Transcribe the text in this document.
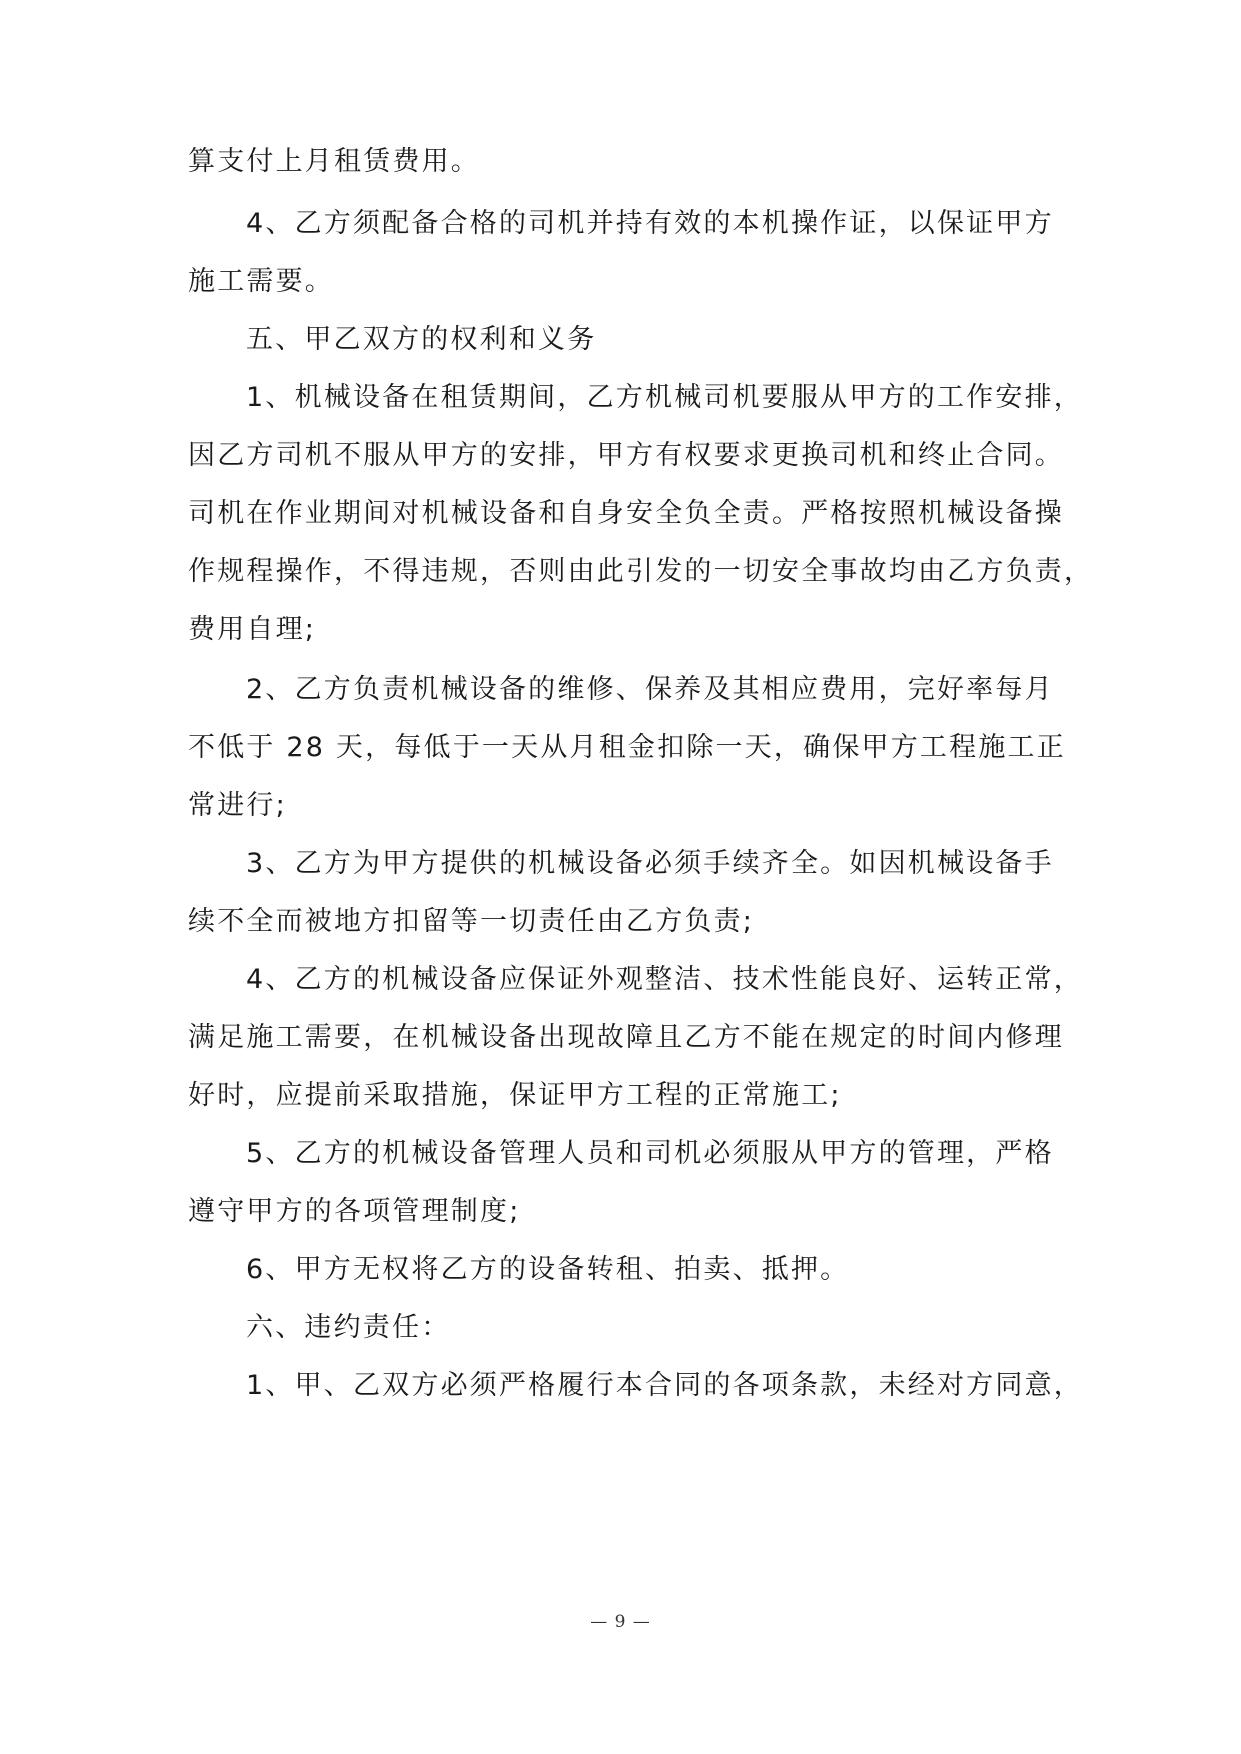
算支付上月租赁费用。
4、乙方须配备合格的司机并持有效的本机操作证，以保证甲方
施工需要。
五、甲乙双方的权利和义务
1、机械设备在租赁期间，乙方机械司机要服从甲方的工作安排，
因乙方司机不服从甲方的安排，甲方有权要求更换司机和终止合同。
司机在作业期间对机械设备和自身安全负全责。严格按照机械设备操
作规程操作，不得违规，否则由此引发的一切安全事故均由乙方负责，
费用自理;
2、乙方负责机械设备的维修、保养及其相应费用，完好率每月
不低于 28 天，每低于一天从月租金扣除一天，确保甲方工程施工正
常进行;
3、乙方为甲方提供的机械设备必须手续齐全。如因机械设备手
续不全而被地方扣留等一切责任由乙方负责;
4、乙方的机械设备应保证外观整洁、技术性能良好、运转正常，
满足施工需要，在机械设备出现故障且乙方不能在规定的时间内修理
好时，应提前采取措施，保证甲方工程的正常施工;
5、乙方的机械设备管理人员和司机必须服从甲方的管理，严格
遵守甲方的各项管理制度;
6、甲方无权将乙方的设备转租、拍卖、抵押。
六、违约责任：
1、甲、乙双方必须严格履行本合同的各项条款，未经对方同意，
— 9 —
